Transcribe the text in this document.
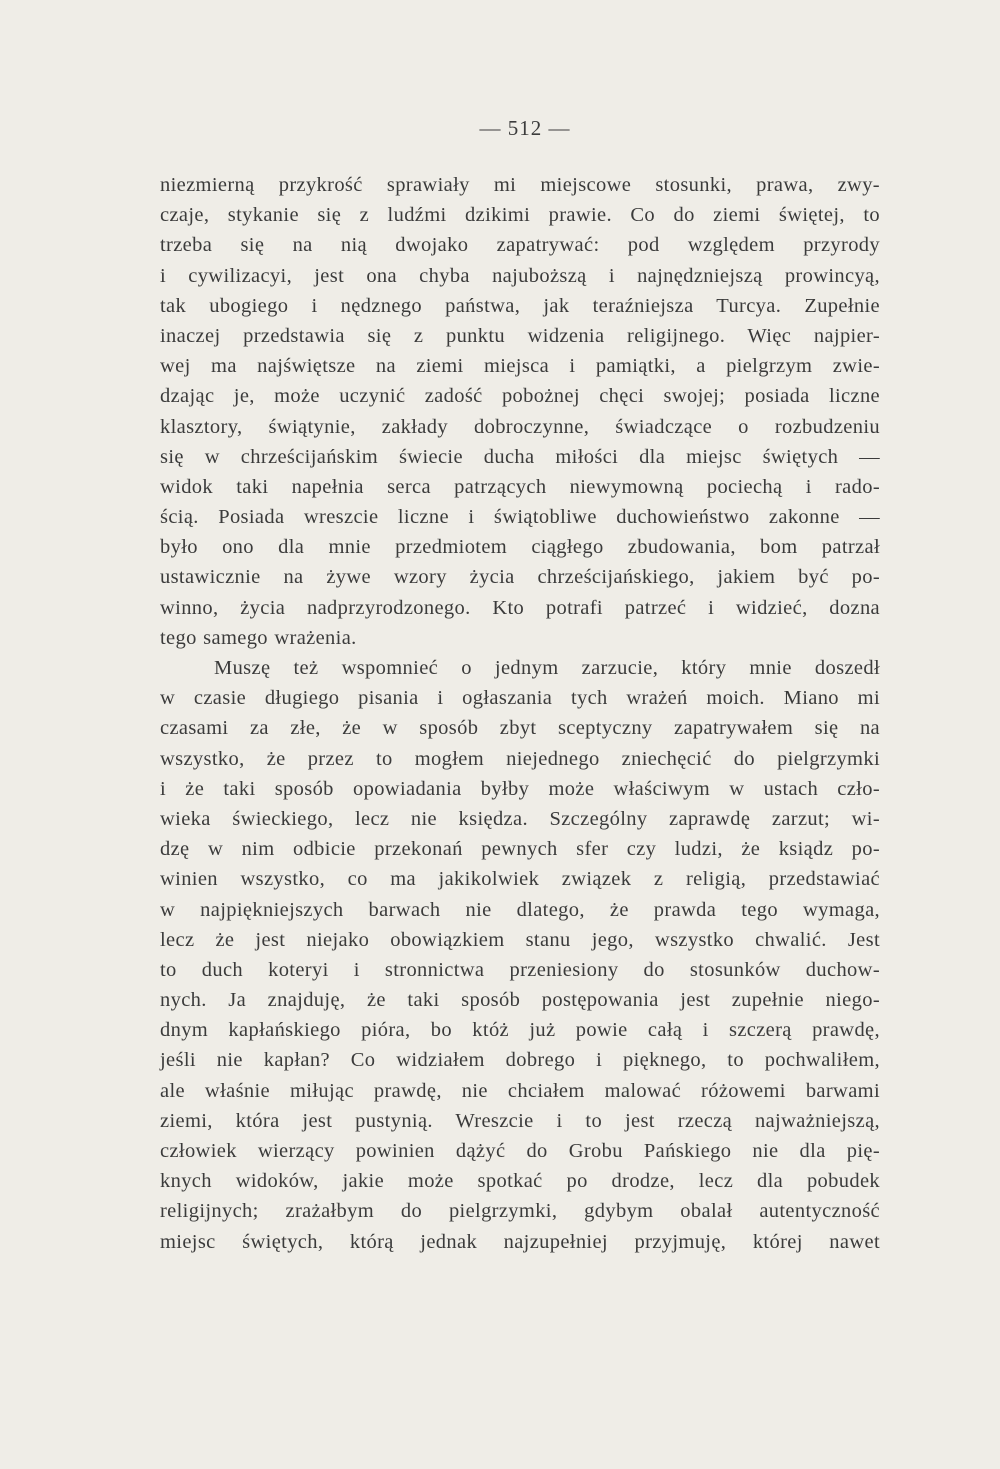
— 512 —
niezmierną przykrość sprawiały mi miejscowe stosunki, prawa, zwy-
czaje, stykanie się z ludźmi dzikimi prawie. Co do ziemi świętej, to
trzeba się na nią dwojako zapatrywać: pod względem przyrody
i cywilizacyi, jest ona chyba najuboższą i najnędzniejszą prowincyą,
tak ubogiego i nędznego państwa, jak teraźniejsza Turcya. Zupełnie
inaczej przedstawia się z punktu widzenia religijnego. Więc najpier-
wej ma najświętsze na ziemi miejsca i pamiątki, a pielgrzym zwie-
dzając je, może uczynić zadość pobożnej chęci swojej; posiada liczne
klasztory, świątynie, zakłady dobroczynne, świadczące o rozbudzeniu
się w chrześcijańskim świecie ducha miłości dla miejsc świętych —
widok taki napełnia serca patrzących niewymowną pociechą i rado-
ścią. Posiada wreszcie liczne i świątobliwe duchowieństwo zakonne —
było ono dla mnie przedmiotem ciągłego zbudowania, bom patrzał
ustawicznie na żywe wzory życia chrześcijańskiego, jakiem być po-
winno, życia nadprzyrodzonego. Kto potrafi patrzeć i widzieć, dozna
tego samego wrażenia.
Muszę też wspomnieć o jednym zarzucie, który mnie doszedł
w czasie długiego pisania i ogłaszania tych wrażeń moich. Miano mi
czasami za złe, że w sposób zbyt sceptyczny zapatrywałem się na
wszystko, że przez to mogłem niejednego zniechęcić do pielgrzymki
i że taki sposób opowiadania byłby może właściwym w ustach czło-
wieka świeckiego, lecz nie księdza. Szczególny zaprawdę zarzut; wi-
dzę w nim odbicie przekonań pewnych sfer czy ludzi, że ksiądz po-
winien wszystko, co ma jakikolwiek związek z religią, przedstawiać
w najpiękniejszych barwach nie dlatego, że prawda tego wymaga,
lecz że jest niejako obowiązkiem stanu jego, wszystko chwalić. Jest
to duch koteryi i stronnictwa przeniesiony do stosunków duchow-
nych. Ja znajduję, że taki sposób postępowania jest zupełnie niego-
dnym kapłańskiego pióra, bo któż już powie całą i szczerą prawdę,
jeśli nie kapłan? Co widziałem dobrego i pięknego, to pochwaliłem,
ale właśnie miłując prawdę, nie chciałem malować różowemi barwami
ziemi, która jest pustynią. Wreszcie i to jest rzeczą najważniejszą,
człowiek wierzący powinien dążyć do Grobu Pańskiego nie dla pię-
knych widoków, jakie może spotkać po drodze, lecz dla pobudek
religijnych; zrażałbym do pielgrzymki, gdybym obalał autentyczność
miejsc świętych, którą jednak najzupełniej przyjmuję, której nawet
